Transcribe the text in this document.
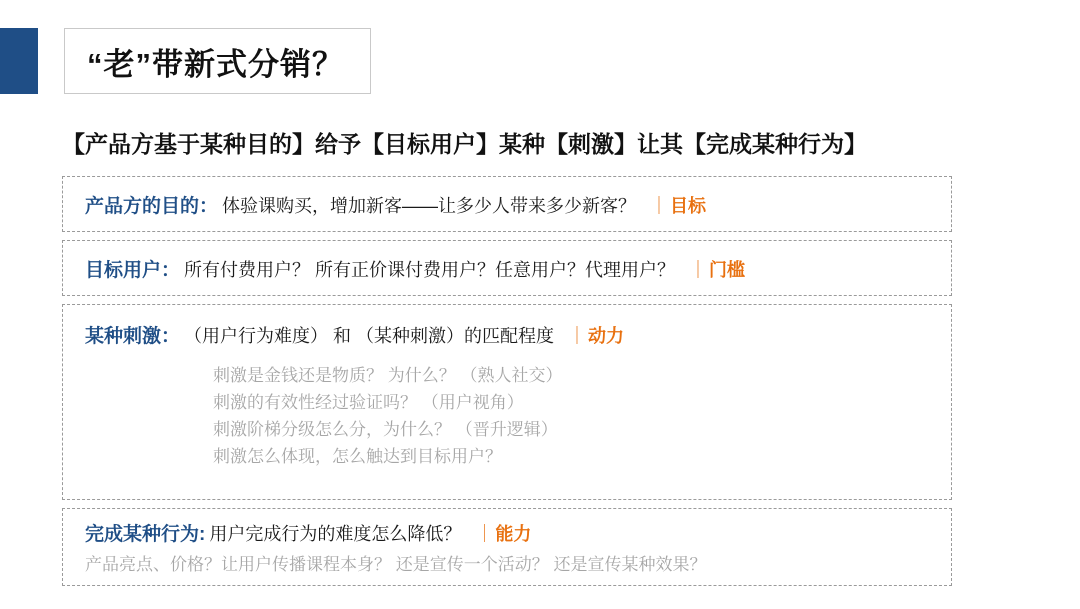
“老”带新式分销？
【产品方基于某种目的】给予【目标用户】某种【刺激】让其【完成某种行为】
产品方的目的： 体验课购买，增加新客——让多少人带来多少新客？ ｜ 目标
目标用户： 所有付费用户？ 所有正价课付费用户？任意用户？代理用户？ ｜ 门槛
某种刺激： （用户行为难度） 和 （某种刺激）的匹配程度 ｜ 动力
刺激是金钱还是物质？ 为什么？ （熟人社交）
刺激的有效性经过验证吗？ （用户视角）
刺激阶梯分级怎么分，为什么？ （晋升逻辑）
刺激怎么体现，怎么触达到目标用户？
完成某种行为: 用户完成行为的难度怎么降低？ ｜ 能力
产品亮点、价格？让用户传播课程本身？ 还是宣传一个活动？ 还是宣传某种效果？
